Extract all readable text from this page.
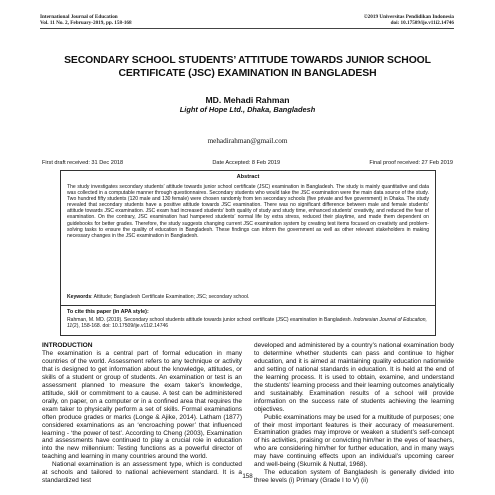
International Journal of Education
Vol. 11 No. 2, February-2019, pp. 158-168
©2019 Universitas Pendidikan Indonesia
doi: 10.17509/ije.v11i2.14746
SECONDARY SCHOOL STUDENTS’ ATTITUDE TOWARDS JUNIOR SCHOOL
CERTIFICATE (JSC) EXAMINATION IN BANGLADESH
MD. Mehadi Rahman
Light of Hope Ltd., Dhaka, Bangladesh
mehadirahman@gmail.com
First draft received: 31 Dec 2018	Date Accepted: 8 Feb 2019	Final proof received: 27 Feb 2019
Abstract
The study investigates secondary students’ attitude towards junior school certificate (JSC) examination in Bangladesh. The study is mainly quantitative and data was collected in a computable manner through questionnaires. Secondary students who would take the JSC examination were the main data source of the study. Two hundred fifty students (120 male and 130 female) were chosen randomly from ten secondary schools (five private and five government) in Dhaka. The study revealed that secondary students have a positive attitude towards JSC examination. There was no significant difference between male and female students’ attitude towards JSC examination. JSC exam had increased students’ both quality of study and study time, enhanced students’ creativity, and reduced the fear of examination. On the contrary, JSC examination had hampered students’ normal life by extra stress, reduced their playtime, and made them dependent on guidebooks for better grades. Therefore, the study suggests changing current JSC examination system by creating test items focused on creativity and problem-solving tasks to ensure the quality of education in Bangladesh. These findings can inform the government as well as other relevant stakeholders in making necessary changes in the JSC examination in Bangladesh.
Keywords: Attitude; Bangladesh Certificate Examination; JSC; secondary school.
To cite this paper (in APA style):
Rahman, M. MD. (2019). Secondary school students attitude towards junior school certificate (JSC) examination in Bangladesh. Indonesian Journal of Education, 11(2), 158-168. doi: 10.17509/ije.v11i2.14746
INTRODUCTION

The examination is a central part of formal education in many countries of the world. Assessment refers to any technique or activity that is designed to get information about the knowledge, attitudes, or skills of a student or group of students. An examination or test is an assessment planned to measure the exam taker’s knowledge, attitude, skill or commitment to a cause. A test can be administered orally, on paper, on a computer or in a confined area that requires the exam taker to physically perform a set of skills. Formal examinations often produce grades or marks (Longe & Ajike, 2014). Latham (1877) considered examinations as an ‘encroaching power’ that influenced learning - ‘the power of test’. According to Cheng (2003), Examination and assessments have continued to play a crucial role in education into the new millennium: Testing functions as a powerful director of teaching and learning in many countries around the world.

National examination is an assessment type, which is conducted at schools and tailored to national achievement standard. It is a standardized test

developed and administered by a country’s national examination body to determine whether students can pass and continue to higher education, and it is aimed at maintaining quality education nationwide and setting of national standards in education. It is held at the end of the learning process. It is used to obtain, examine, and understand the students’ learning process and their learning outcomes analytically and sustainably. Examination results of a school will provide information on the success rate of students achieving the learning objectives.

Public examinations may be used for a multitude of purposes; one of their most important features is their accuracy of measurement. Examination grades may improve or weaken a student’s self-concept of his activities, praising or convicting him/her in the eyes of teachers, who are considering him/her for further education, and in many ways may have continuing effects upon an individual’s upcoming career and well-being (Skurnik & Nuttal, 1968).

The education system of Bangladesh is generally divided into three levels (i) Primary (Grade I to V) (ii)

158
